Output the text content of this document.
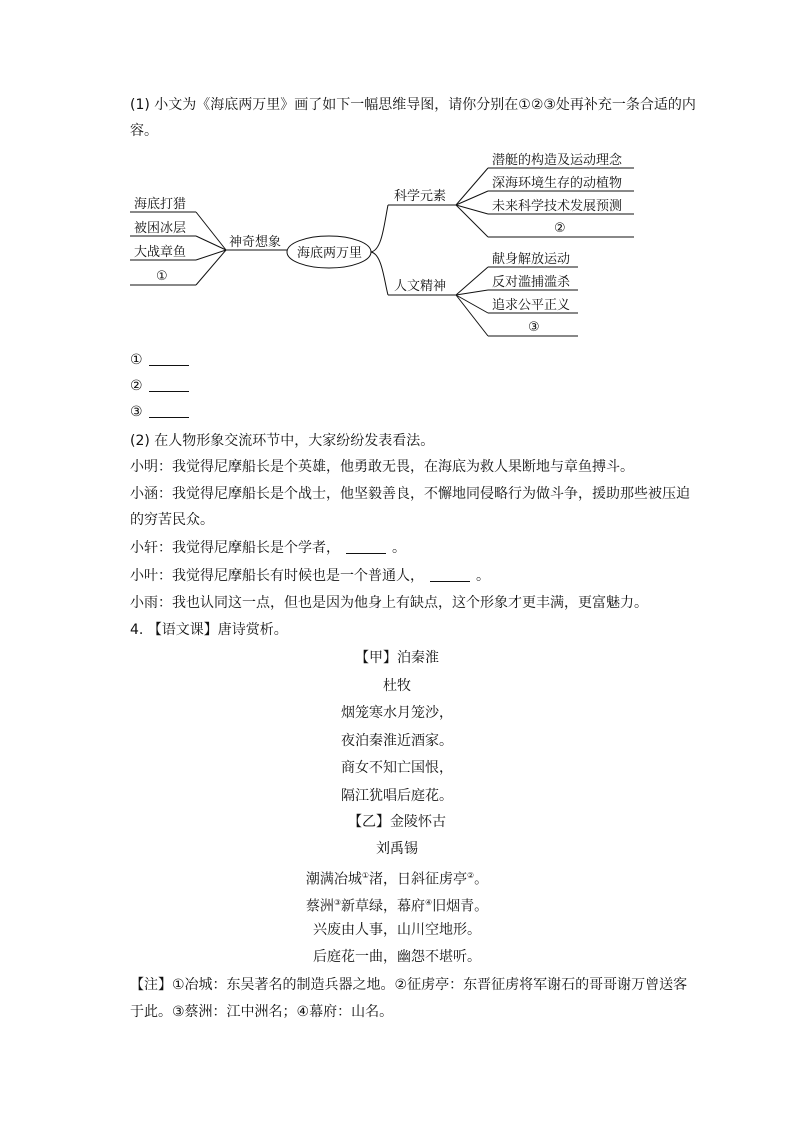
(1) 小文为《海底两万里》画了如下一幅思维导图，请你分别在①②③处再补充一条合适的内
容。
海底打猎
被困冰层
大战章鱼
①
神奇想象
海底两万里
科学元素
潜艇的构造及运动理念
深海环境生存的动植物
未来科学技术发展预测
②
人文精神
献身解放运动
反对滥捕滥杀
追求公平正义
③
①
②
③
(2) 在人物形象交流环节中，大家纷纷发表看法。
小明：我觉得尼摩船长是个英雄，他勇敢无畏，在海底为救人果断地与章鱼搏斗。
小涵：我觉得尼摩船长是个战士，他坚毅善良，不懈地同侵略行为做斗争，援助那些被压迫
的穷苦民众。
小轩：我觉得尼摩船长是个学者，	。
小叶：我觉得尼摩船长有时候也是一个普通人，	。
小雨：我也认同这一点，但也是因为他身上有缺点，这个形象才更丰满，更富魅力。
4. 【语文课】唐诗赏析。
【甲】泊秦淮
杜牧
烟笼寒水月笼沙，
夜泊秦淮近酒家。
商女不知亡国恨，
隔江犹唱后庭花。
【乙】金陵怀古
刘禹锡
潮满冶城①渚，日斜征虏亭②。
蔡洲③新草绿，幕府④旧烟青。
兴废由人事，山川空地形。
后庭花一曲，幽怨不堪听。
【注】①冶城：东吴著名的制造兵器之地。②征虏亭：东晋征虏将军谢石的哥哥谢万曾送客
于此。③蔡洲：江中洲名；④幕府：山名。
